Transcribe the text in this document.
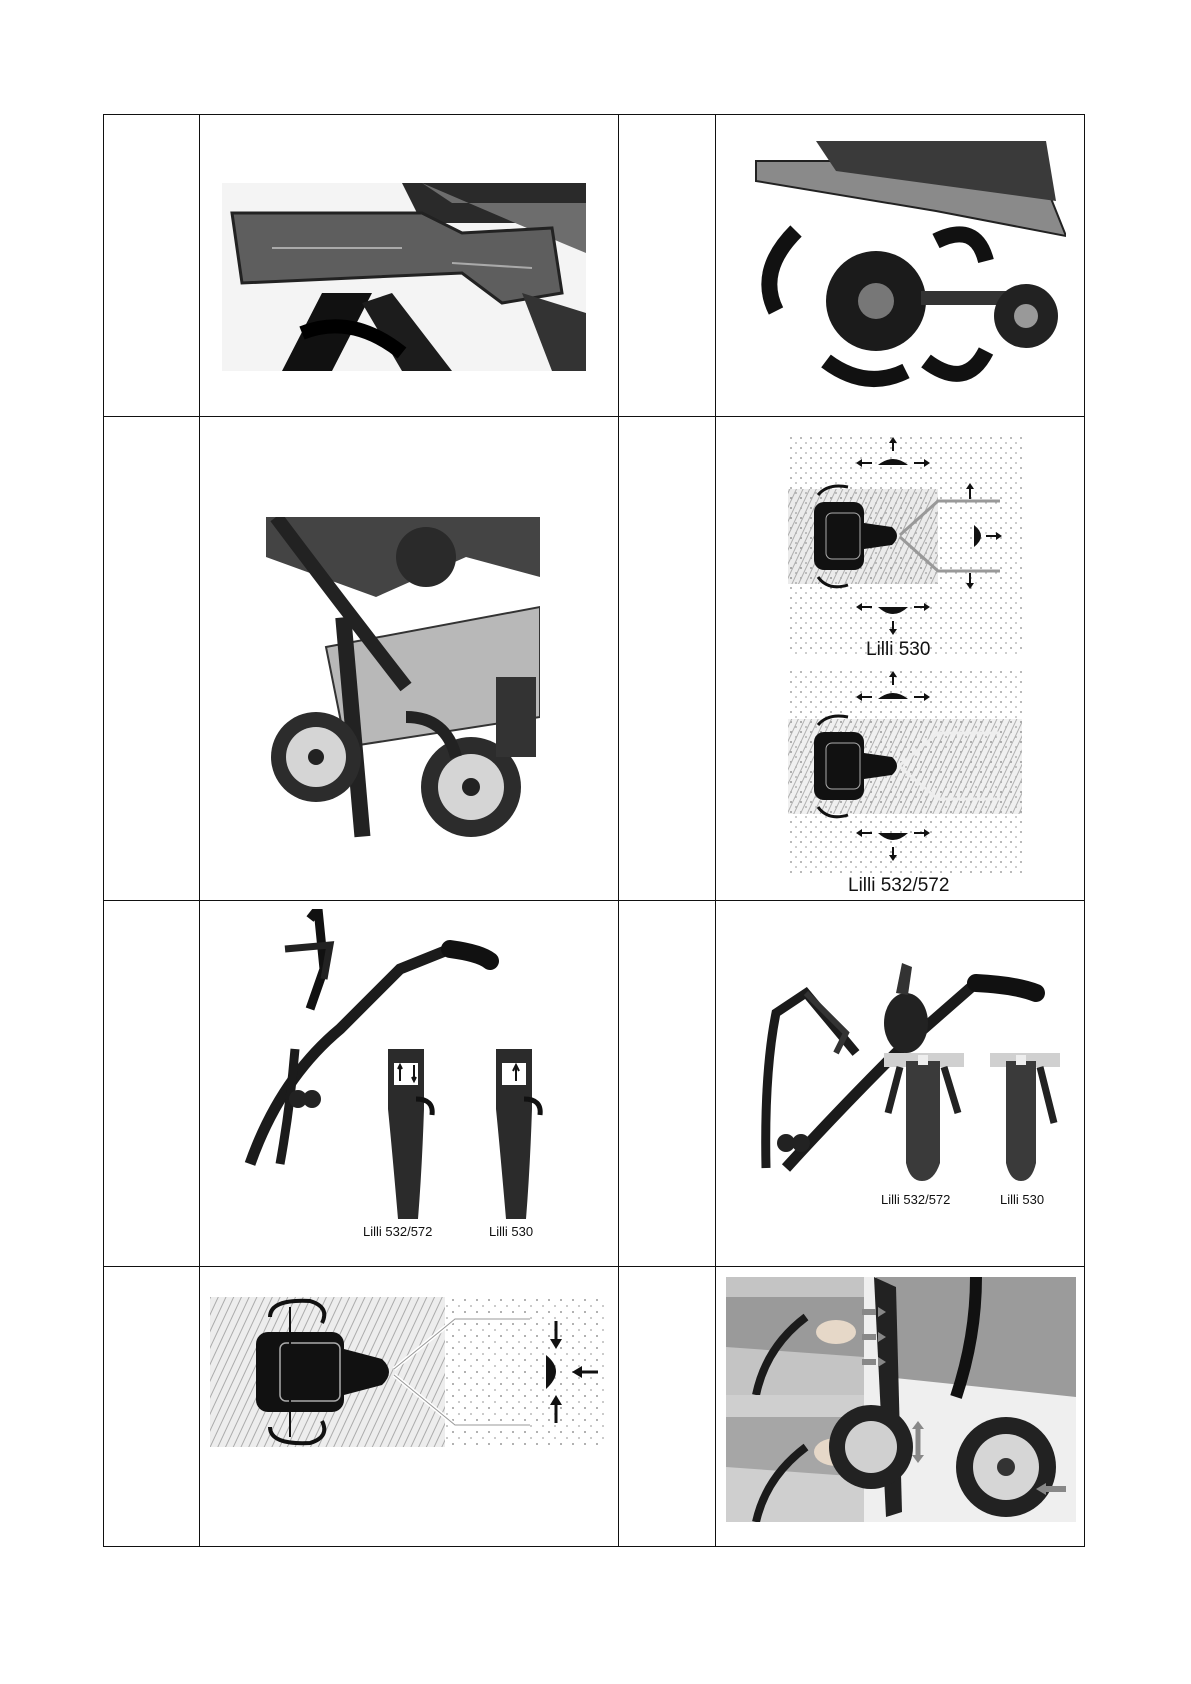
Lilli 530
Lilli 532/572

	Lilli 532/572 Lilli 530		Lilli 532/572 Lilli 530
